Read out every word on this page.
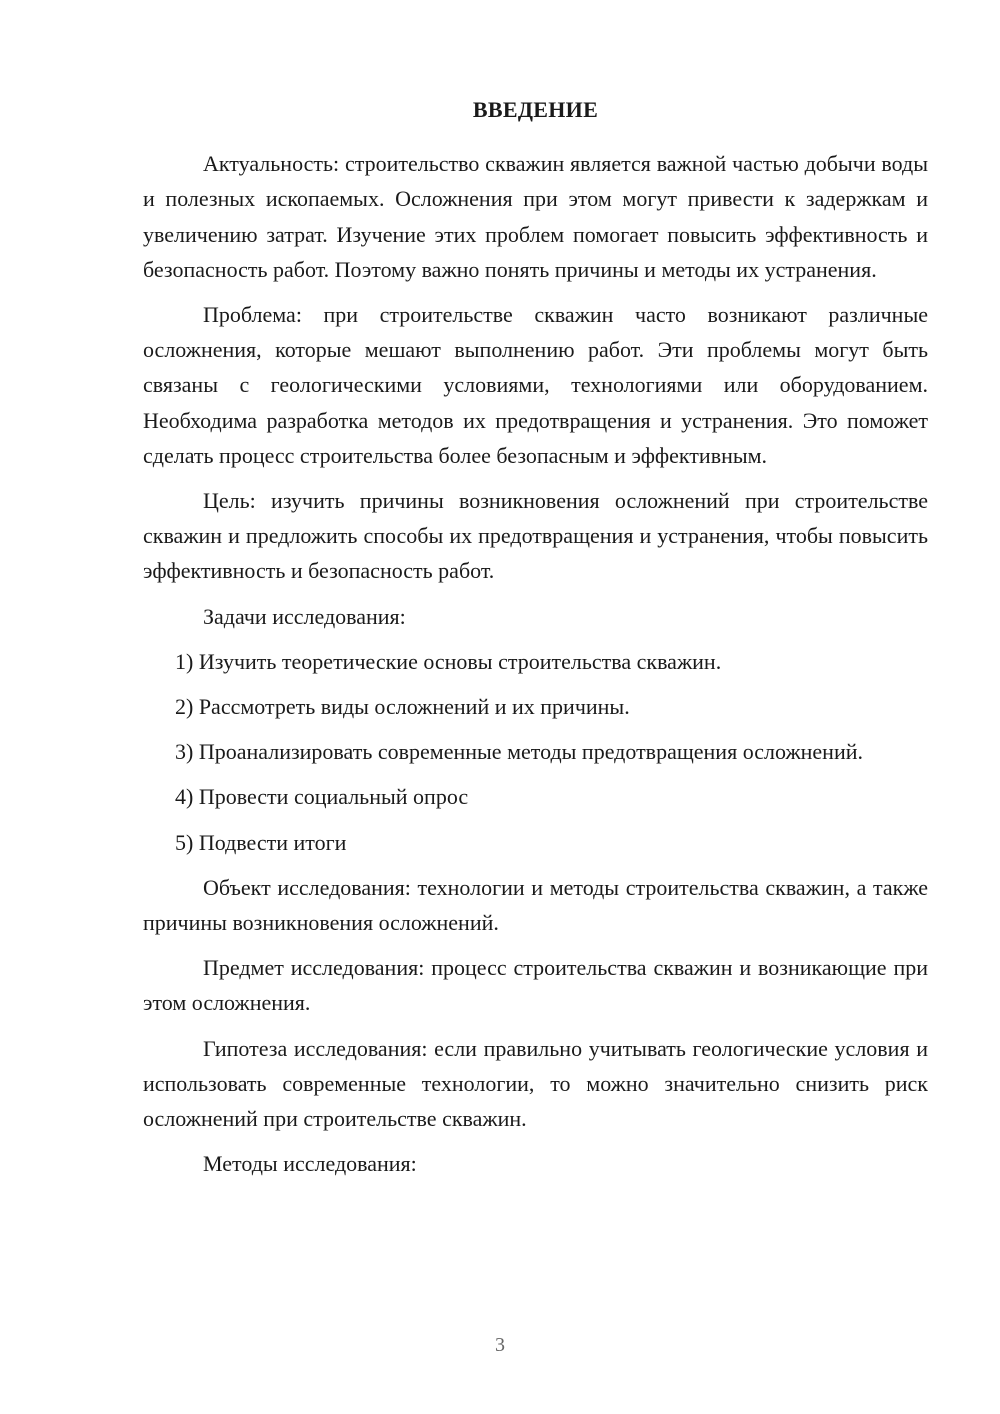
ВВЕДЕНИЕ

Актуальность: строительство скважин является важной частью добычи воды и полезных ископаемых. Осложнения при этом могут привести к задержкам и увеличению затрат. Изучение этих проблем помогает повысить эффективность и безопасность работ. Поэтому важно понять причины и методы их устранения.

Проблема: при строительстве скважин часто возникают различные осложнения, которые мешают выполнению работ. Эти проблемы могут быть связаны с геологическими условиями, технологиями или оборудованием. Необходима разработка методов их предотвращения и устранения. Это поможет сделать процесс строительства более безопасным и эффективным.

Цель: изучить причины возникновения осложнений при строительстве скважин и предложить способы их предотвращения и устранения, чтобы повысить эффективность и безопасность работ.

Задачи исследования:

1) Изучить теоретические основы строительства скважин.

2) Рассмотреть виды осложнений и их причины.

3) Проанализировать современные методы предотвращения осложнений.

4) Провести социальный опрос

5) Подвести итоги

Объект исследования: технологии и методы строительства скважин, а также причины возникновения осложнений.

Предмет исследования: процесс строительства скважин и возникающие при этом осложнения.

Гипотеза исследования: если правильно учитывать геологические условия и использовать современные технологии, то можно значительно снизить риск осложнений при строительстве скважин.

Методы исследования:

3
